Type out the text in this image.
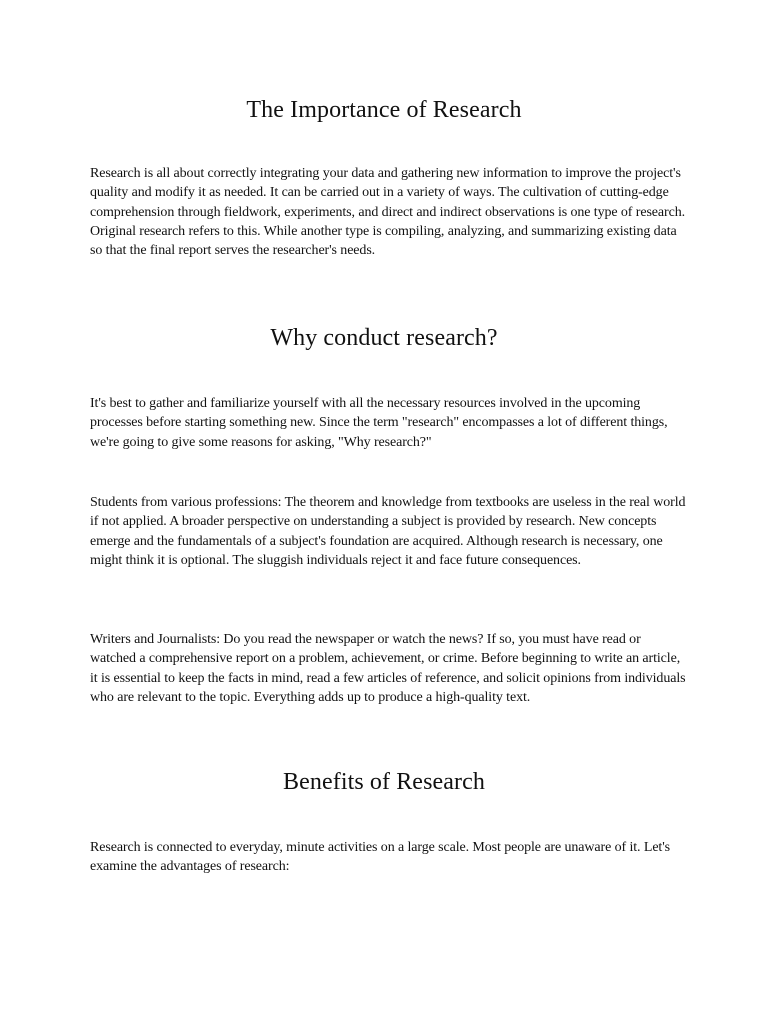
The Importance of Research

Research is all about correctly integrating your data and gathering new information to improve the project's quality and modify it as needed. It can be carried out in a variety of ways. The cultivation of cutting-edge comprehension through fieldwork, experiments, and direct and indirect observations is one type of research. Original research refers to this. While another type is compiling, analyzing, and summarizing existing data so that the final report serves the researcher's needs.

Why conduct research?

It's best to gather and familiarize yourself with all the necessary resources involved in the upcoming processes before starting something new. Since the term "research" encompasses a lot of different things, we're going to give some reasons for asking, "Why research?"

Students from various professions: The theorem and knowledge from textbooks are useless in the real world if not applied. A broader perspective on understanding a subject is provided by research. New concepts emerge and the fundamentals of a subject's foundation are acquired. Although research is necessary, one might think it is optional. The sluggish individuals reject it and face future consequences.

Writers and Journalists: Do you read the newspaper or watch the news? If so, you must have read or watched a comprehensive report on a problem, achievement, or crime. Before beginning to write an article, it is essential to keep the facts in mind, read a few articles of reference, and solicit opinions from individuals who are relevant to the topic. Everything adds up to produce a high-quality text.

Benefits of Research

Research is connected to everyday, minute activities on a large scale. Most people are unaware of it. Let's examine the advantages of research:
